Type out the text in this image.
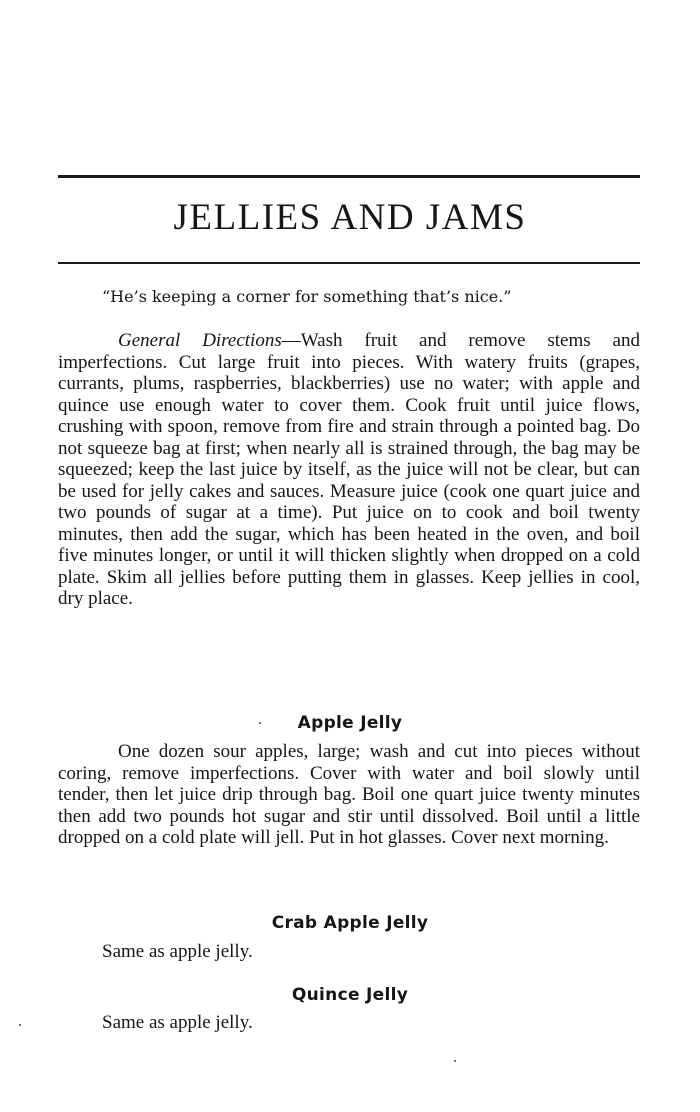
JELLIES AND JAMS
“He’s keeping a corner for something that’s nice.”

General Directions—Wash fruit and remove stems and imperfections. Cut large fruit into pieces. With watery fruits (grapes, currants, plums, raspberries, blackberries) use no water; with apple and quince use enough water to cover them. Cook fruit until juice flows, crushing with spoon, remove from fire and strain through a pointed bag. Do not squeeze bag at first; when nearly all is strained through, the bag may be squeezed; keep the last juice by itself, as the juice will not be clear, but can be used for jelly cakes and sauces. Measure juice (cook one quart juice and two pounds of sugar at a time). Put juice on to cook and boil twenty minutes, then add the sugar, which has been heated in the oven, and boil five minutes longer, or until it will thicken slightly when dropped on a cold plate. Skim all jellies before putting them in glasses. Keep jellies in cool, dry place.

Apple Jelly

One dozen sour apples, large; wash and cut into pieces without coring, remove imperfections. Cover with water and boil slowly until tender, then let juice drip through bag. Boil one quart juice twenty minutes then add two pounds hot sugar and stir until dissolved. Boil until a little dropped on a cold plate will jell. Put in hot glasses. Cover next morning.

Crab Apple Jelly

Same as apple jelly.

Quince Jelly

Same as apple jelly.
